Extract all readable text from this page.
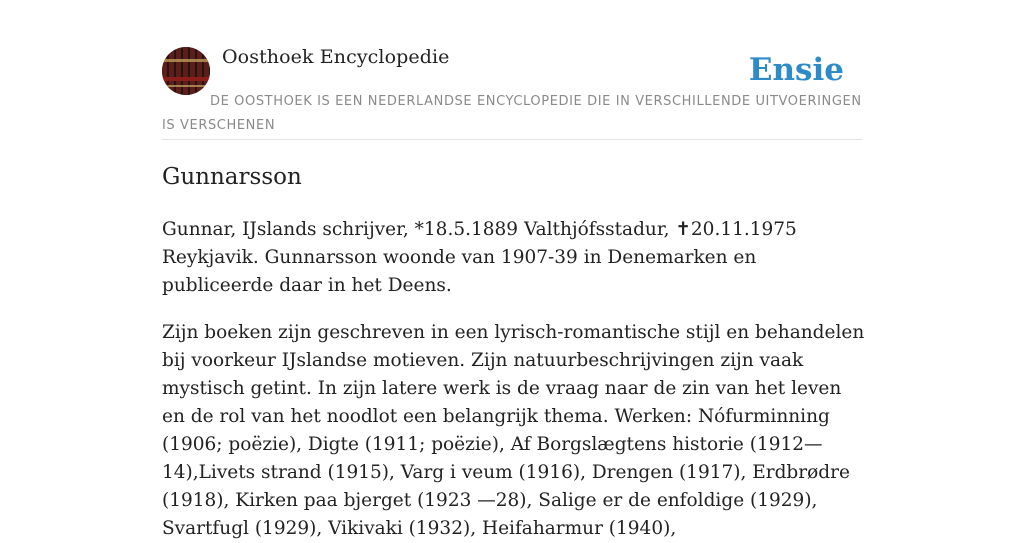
Oosthoek Encyclopedie	Ensie
DE OOSTHOEK IS EEN NEDERLANDSE ENCYCLOPEDIE DIE IN VERSCHILLENDE UITVOERINGEN IS VERSCHENEN
Gunnarsson

Gunnar, IJslands schrijver, *18.5.1889 Valthjófsstadur, ✝20.11.1975 Reykjavik. Gunnarsson woonde van 1907-39 in Denemarken en publiceerde daar in het Deens.

Zijn boeken zijn geschreven in een lyrisch-romantische stijl en behandelen bij voorkeur IJslandse motieven. Zijn natuurbeschrijvingen zijn vaak mystisch getint. In zijn latere werk is de vraag naar de zin van het leven en de rol van het noodlot een belangrijk thema. Werken: Nófurminning (1906; poëzie), Digte (1911; poëzie), Af Borgslægtens historie (1912—14),Livets strand (1915), Varg i veum (1916), Drengen (1917), Erdbrødre (1918), Kirken paa bjerget (1923 —28), Salige er de enfoldige (1929), Svartfugl (1929), Vikivaki (1932), Heifaharmur (1940),
